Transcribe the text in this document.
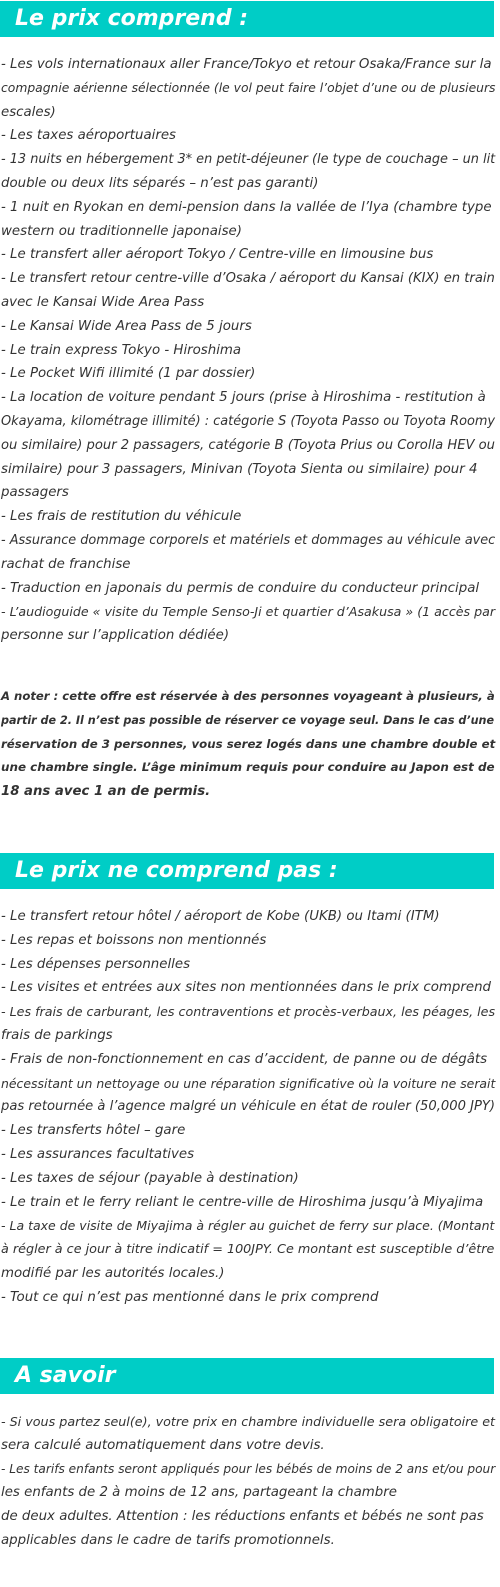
Le prix comprend :
- Les vols internationaux aller France/Tokyo et retour Osaka/France sur la
compagnie aérienne sélectionnée (le vol peut faire l’objet d’une ou de plusieurs
escales)
- Les taxes aéroportuaires
- 13 nuits en hébergement 3* en petit-déjeuner (le type de couchage – un lit
double ou deux lits séparés – n’est pas garanti)
- 1 nuit en Ryokan en demi-pension dans la vallée de l’Iya (chambre type
western ou traditionnelle japonaise)
- Le transfert aller aéroport Tokyo / Centre-ville en limousine bus
- Le transfert retour centre-ville d’Osaka / aéroport du Kansai (KIX) en train
avec le Kansai Wide Area Pass
- Le Kansai Wide Area Pass de 5 jours
- Le train express Tokyo - Hiroshima
- Le Pocket Wifi illimité (1 par dossier)
- La location de voiture pendant 5 jours (prise à Hiroshima - restitution à
Okayama, kilométrage illimité) : catégorie S (Toyota Passo ou Toyota Roomy
ou similaire) pour 2 passagers, catégorie B (Toyota Prius ou Corolla HEV ou
similaire) pour 3 passagers, Minivan (Toyota Sienta ou similaire) pour 4
passagers
- Les frais de restitution du véhicule
- Assurance dommage corporels et matériels et dommages au véhicule avec
rachat de franchise
- Traduction en japonais du permis de conduire du conducteur principal
- L’audioguide « visite du Temple Senso-Ji et quartier d’Asakusa » (1 accès par
personne sur l’application dédiée)
A noter : cette offre est réservée à des personnes voyageant à plusieurs, à
partir de 2. Il n’est pas possible de réserver ce voyage seul. Dans le cas d’une
réservation de 3 personnes, vous serez logés dans une chambre double et
une chambre single. L’âge minimum requis pour conduire au Japon est de
18 ans avec 1 an de permis.
Le prix ne comprend pas :
- Le transfert retour hôtel / aéroport de Kobe (UKB) ou Itami (ITM)
- Les repas et boissons non mentionnés
- Les dépenses personnelles
- Les visites et entrées aux sites non mentionnées dans le prix comprend
- Les frais de carburant, les contraventions et procès-verbaux, les péages, les
frais de parkings
- Frais de non-fonctionnement en cas d’accident, de panne ou de dégâts
nécessitant un nettoyage ou une réparation significative où la voiture ne serait
pas retournée à l’agence malgré un véhicule en état de rouler (50,000 JPY)
- Les transferts hôtel – gare
- Les assurances facultatives
- Les taxes de séjour (payable à destination)
- Le train et le ferry reliant le centre-ville de Hiroshima jusqu’à Miyajima
- La taxe de visite de Miyajima à régler au guichet de ferry sur place. (Montant
à régler à ce jour à titre indicatif = 100JPY. Ce montant est susceptible d’être
modifié par les autorités locales.)
- Tout ce qui n’est pas mentionné dans le prix comprend
A savoir
- Si vous partez seul(e), votre prix en chambre individuelle sera obligatoire et
sera calculé automatiquement dans votre devis.
- Les tarifs enfants seront appliqués pour les bébés de moins de 2 ans et/ou pour
les enfants de 2 à moins de 12 ans, partageant la chambre
de deux adultes. Attention : les réductions enfants et bébés ne sont pas
applicables dans le cadre de tarifs promotionnels.
